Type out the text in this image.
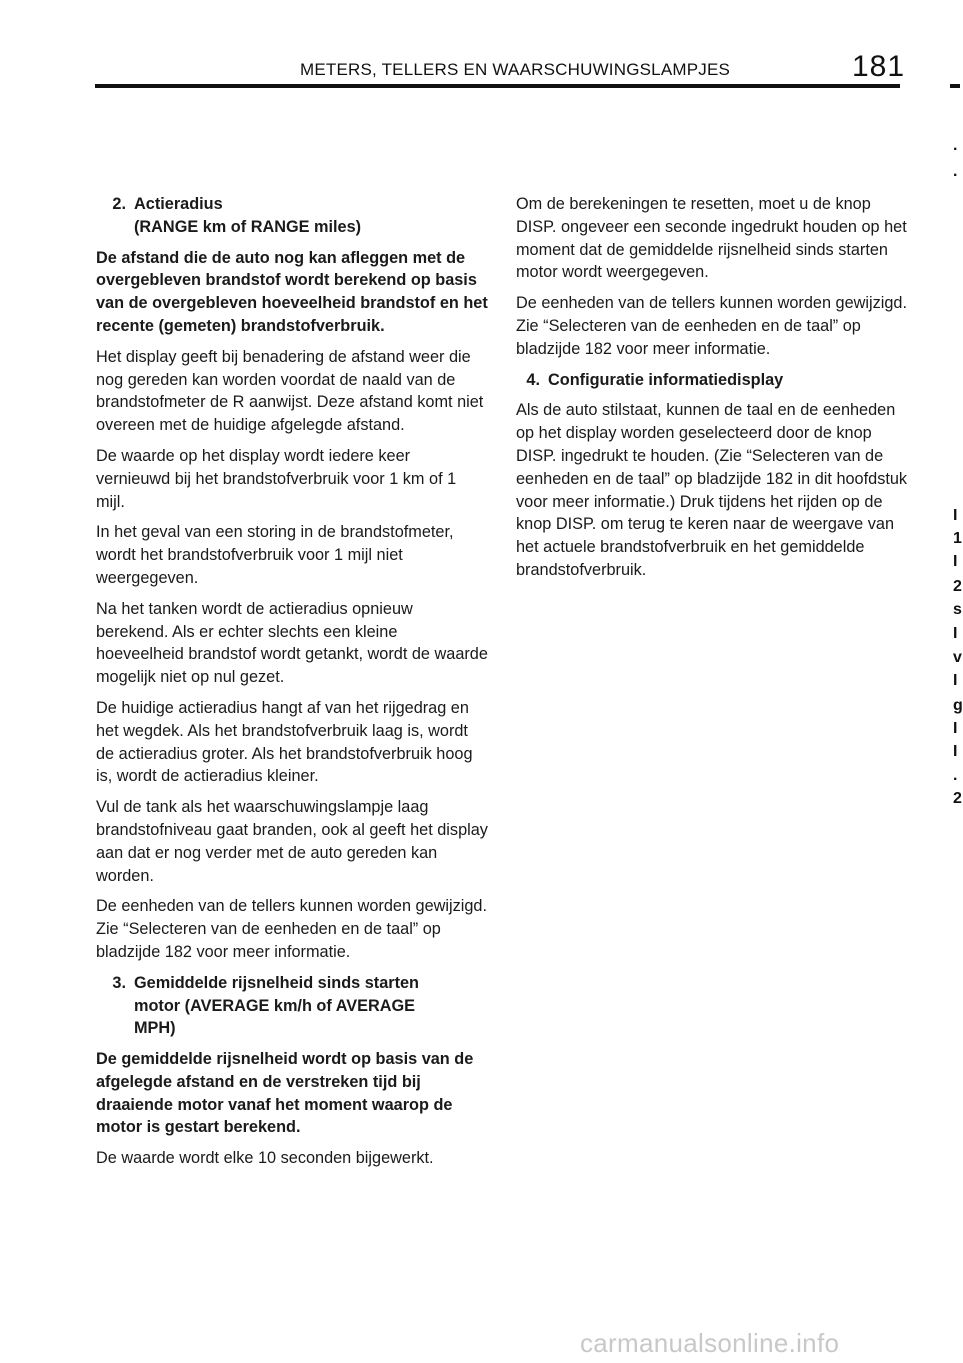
METERS, TELLERS EN WAARSCHUWINGSLAMPJES	181
2. Actieradius
(RANGE km of RANGE miles)

De afstand die de auto nog kan afleggen met de overgebleven brandstof wordt berekend op basis van de overgebleven hoeveelheid brandstof en het recente (gemeten) brandstofverbruik.

Het display geeft bij benadering de afstand weer die nog gereden kan worden voordat de naald van de brandstofmeter de R aanwijst. Deze afstand komt niet overeen met de huidige afgelegde afstand.

De waarde op het display wordt iedere keer vernieuwd bij het brandstofverbruik voor 1 km of 1 mijl.

In het geval van een storing in de brandstofmeter, wordt het brandstofverbruik voor 1 mijl niet weergegeven.

Na het tanken wordt de actieradius opnieuw berekend. Als er echter slechts een kleine hoeveelheid brandstof wordt getankt, wordt de waarde mogelijk niet op nul gezet.

De huidige actieradius hangt af van het rijgedrag en het wegdek. Als het brandstofverbruik laag is, wordt de actieradius groter. Als het brandstofverbruik hoog is, wordt de actieradius kleiner.

Vul de tank als het waarschuwingslampje laag brandstofniveau gaat branden, ook al geeft het display aan dat er nog verder met de auto gereden kan worden.

De eenheden van de tellers kunnen worden gewijzigd. Zie “Selecteren van de eenheden en de taal” op bladzijde 182 voor meer informatie.

3. Gemiddelde rijsnelheid sinds starten
motor (AVERAGE km/h of AVERAGE
MPH)

De gemiddelde rijsnelheid wordt op basis van de afgelegde afstand en de verstreken tijd bij draaiende motor vanaf het moment waarop de motor is gestart berekend.

De waarde wordt elke 10 seconden bijgewerkt.

Om de berekeningen te resetten, moet u de knop DISP. ongeveer een seconde ingedrukt houden op het moment dat de gemiddelde rijsnelheid sinds starten motor wordt weergegeven.

De eenheden van de tellers kunnen worden gewijzigd. Zie “Selecteren van de eenheden en de taal” op bladzijde 182 voor meer informatie.

4. Configuratie informatiedisplay

Als de auto stilstaat, kunnen de taal en de eenheden op het display worden geselecteerd door de knop DISP. ingedrukt te houden. (Zie “Selecteren van de eenheden en de taal” op bladzijde 182 in dit hoofdstuk voor meer informatie.) Druk tijdens het rijden op de knop DISP. om terug te keren naar de weergave van het actuele brandstofverbruik en het gemiddelde brandstofverbruik.

.
.
I
1
I
2
s
I
v
I
g
I
I
.
2
carmanualsonline.info
